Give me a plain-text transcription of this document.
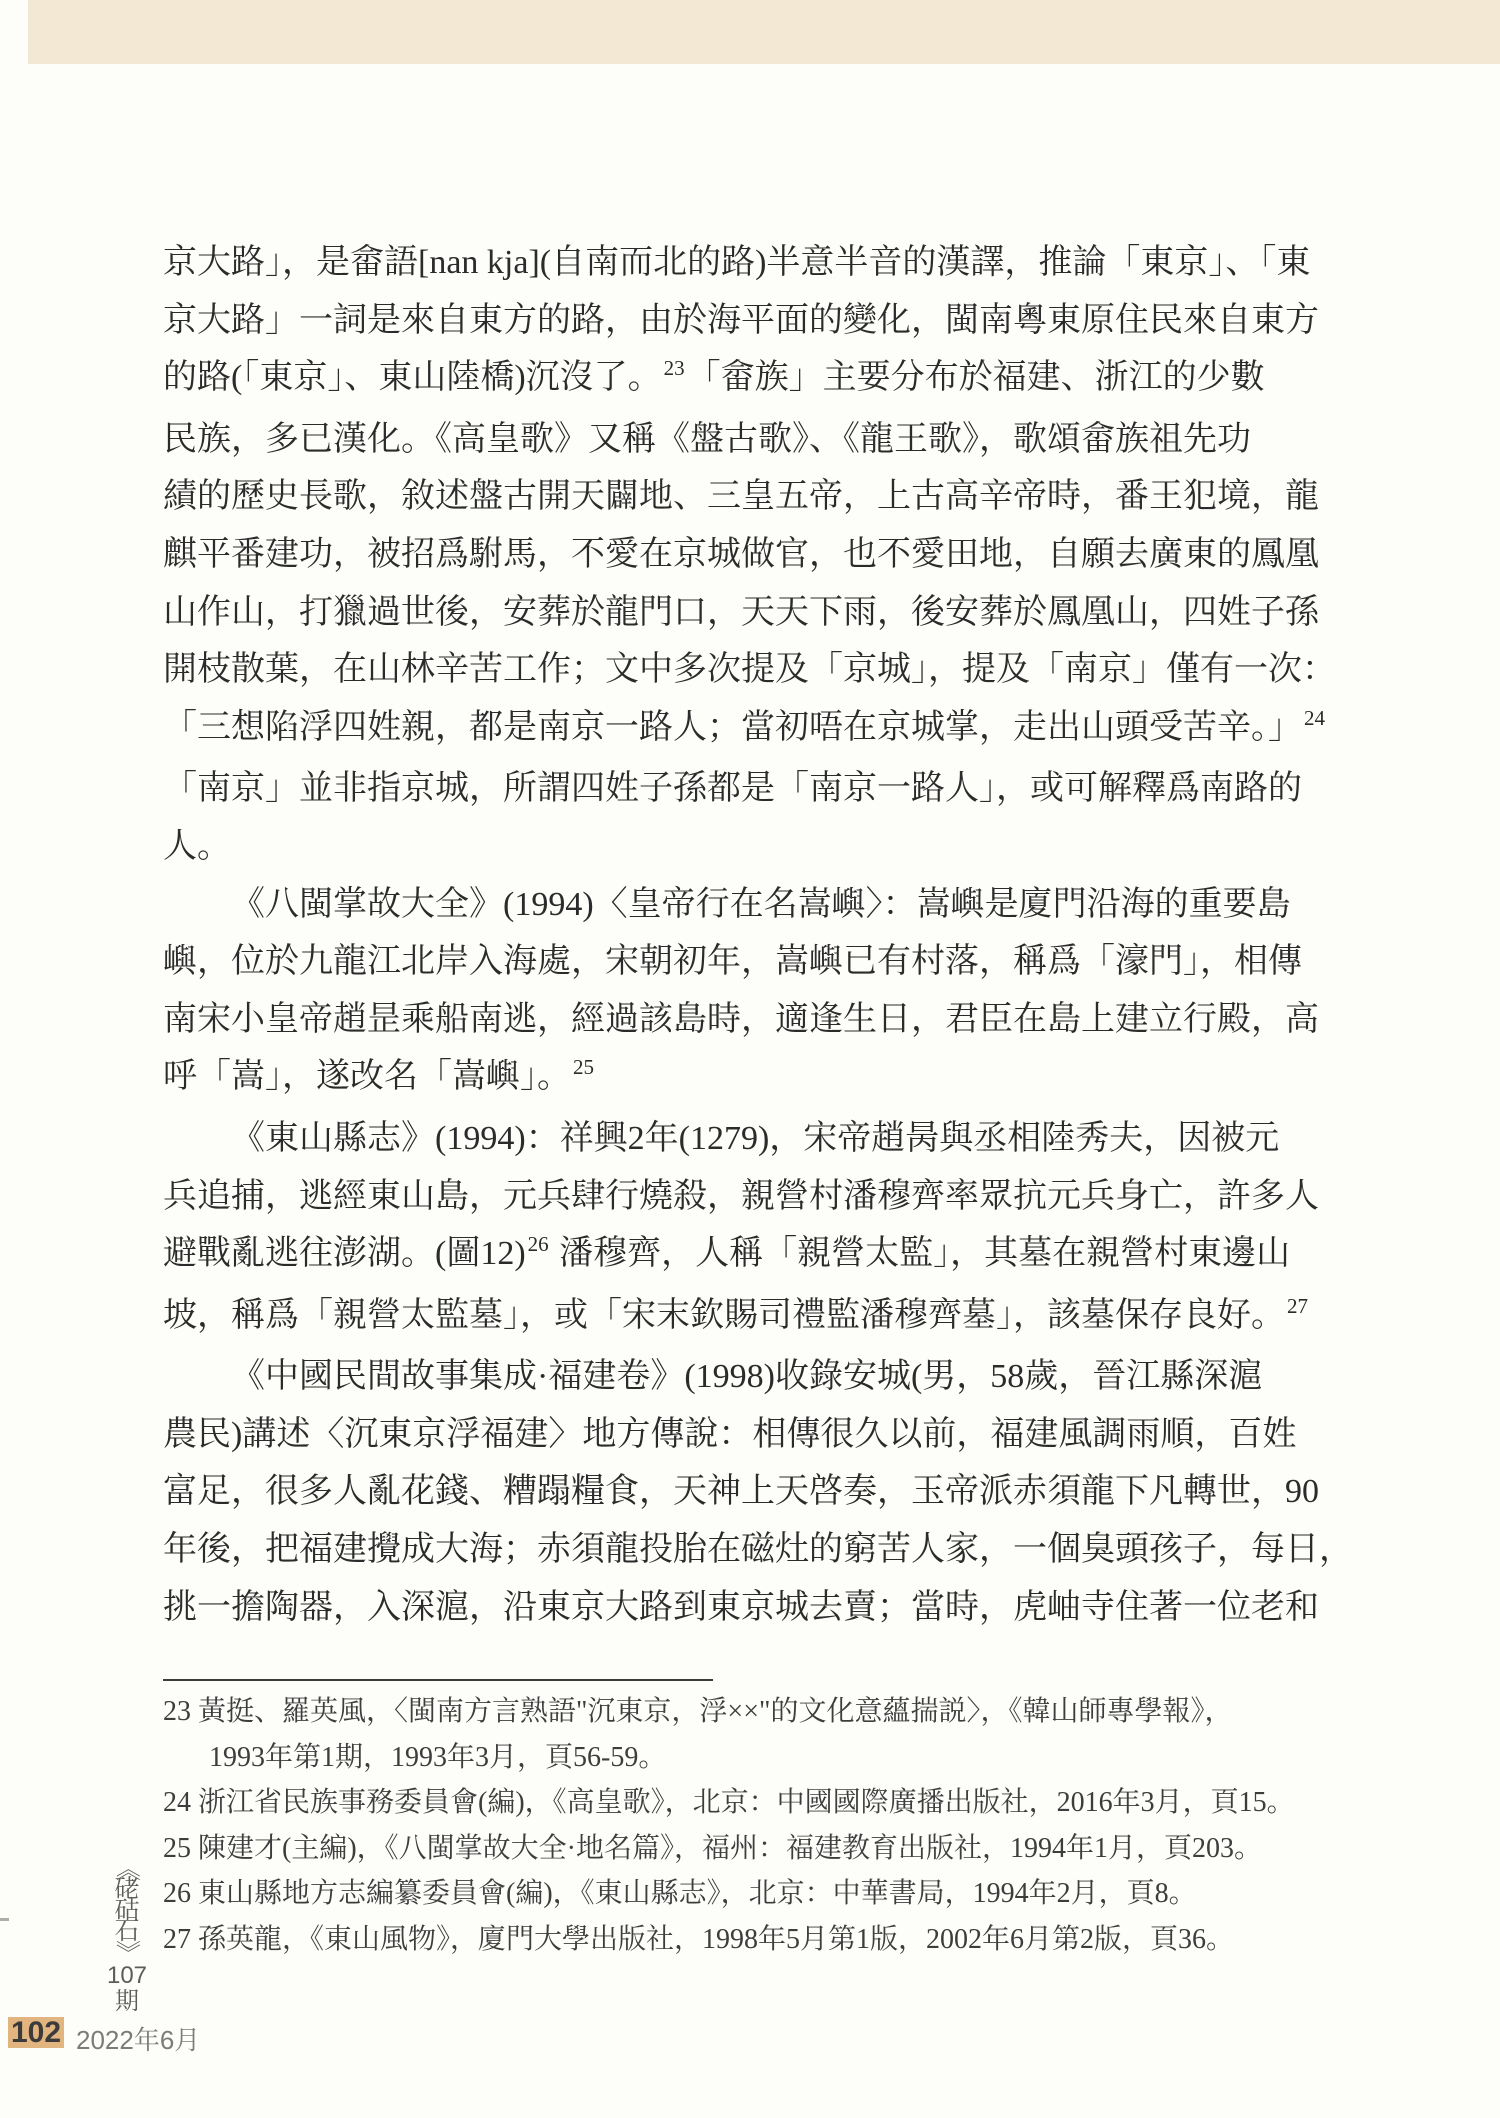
京大路」，是畲語[nan kja](自南而北的路)半意半音的漢譯，推論「東京」、「東
京大路」一詞是來自東方的路，由於海平面的變化，閩南粵東原住民來自東方
的路(「東京」、東山陸橋)沉沒了。$^{23}$「畲族」主要分布於福建、浙江的少數
民族，多已漢化。《高皇歌》又稱《盤古歌》、《龍王歌》，歌頌畲族祖先功
績的歷史長歌，敘述盤古開天闢地、三皇五帝，上古高辛帝時，番王犯境，龍
麒平番建功，被招爲駙馬，不愛在京城做官，也不愛田地，自願去廣東的鳳凰
山作山，打獵過世後，安葬於龍門口，天天下雨，後安葬於鳳凰山，四姓子孫
開枝散葉，在山林辛苦工作；文中多次提及「京城」，提及「南京」僅有一次：
「三想陷浮四姓親，都是南京一路人；當初唔在京城掌，走出山頭受苦辛。」$^{24}$
「南京」並非指京城，所謂四姓子孫都是「南京一路人」，或可解釋爲南路的
人。
《八閩掌故大全》(1994)〈皇帝行在名嵩嶼〉：嵩嶼是廈門沿海的重要島
嶼，位於九龍江北岸入海處，宋朝初年，嵩嶼已有村落，稱爲「濠門」，相傳
南宋小皇帝趙昰乘船南逃，經過該島時，適逢生日，君臣在島上建立行殿，高
呼「嵩」，遂改名「嵩嶼」。$^{25}$
《東山縣志》(1994)：祥興2年(1279)，宋帝趙昺與丞相陸秀夫，因被元
兵追捕，逃經東山島，元兵肆行燒殺，親營村潘穆齊率眾抗元兵身亡，許多人
避戰亂逃往澎湖。(圖12)$^{26}$ 潘穆齊，人稱「親營太監」，其墓在親營村東邊山
坡，稱爲「親營太監墓」，或「宋末欽賜司禮監潘穆齊墓」，該墓保存良好。$^{27}$
《中國民間故事集成·福建卷》(1998)收錄安城(男，58歲，晉江縣深滬
農民)講述〈沉東京浮福建〉地方傳說：相傳很久以前，福建風調雨順，百姓
富足，很多人亂花錢、糟蹋糧食，天神上天啓奏，玉帝派赤須龍下凡轉世，90
年後，把福建攪成大海；赤須龍投胎在磁灶的窮苦人家，一個臭頭孩子，每日，
挑一擔陶器，入深滬，沿東京大路到東京城去賣；當時，虎岫寺住著一位老和
23 黃挺、羅英風，〈閩南方言熟語"沉東京，浮××"的文化意蘊揣説〉，《韓山師專學報》，
1993年第1期，1993年3月，頁56-59。
24 浙江省民族事務委員會(編)，《高皇歌》，北京：中國國際廣播出版社，2016年3月，頁15。
25 陳建才(主編)，《八閩掌故大全·地名篇》，福州：福建教育出版社，1994年1月，頁203。
26 東山縣地方志編纂委員會(編)，《東山縣志》，北京：中華書局，1994年2月，頁8。
27 孫英龍，《東山風物》，廈門大學出版社，1998年5月第1版，2002年6月第2版，頁36。
《
硓
𥑮
石
》
107
期
102 2022年6月
